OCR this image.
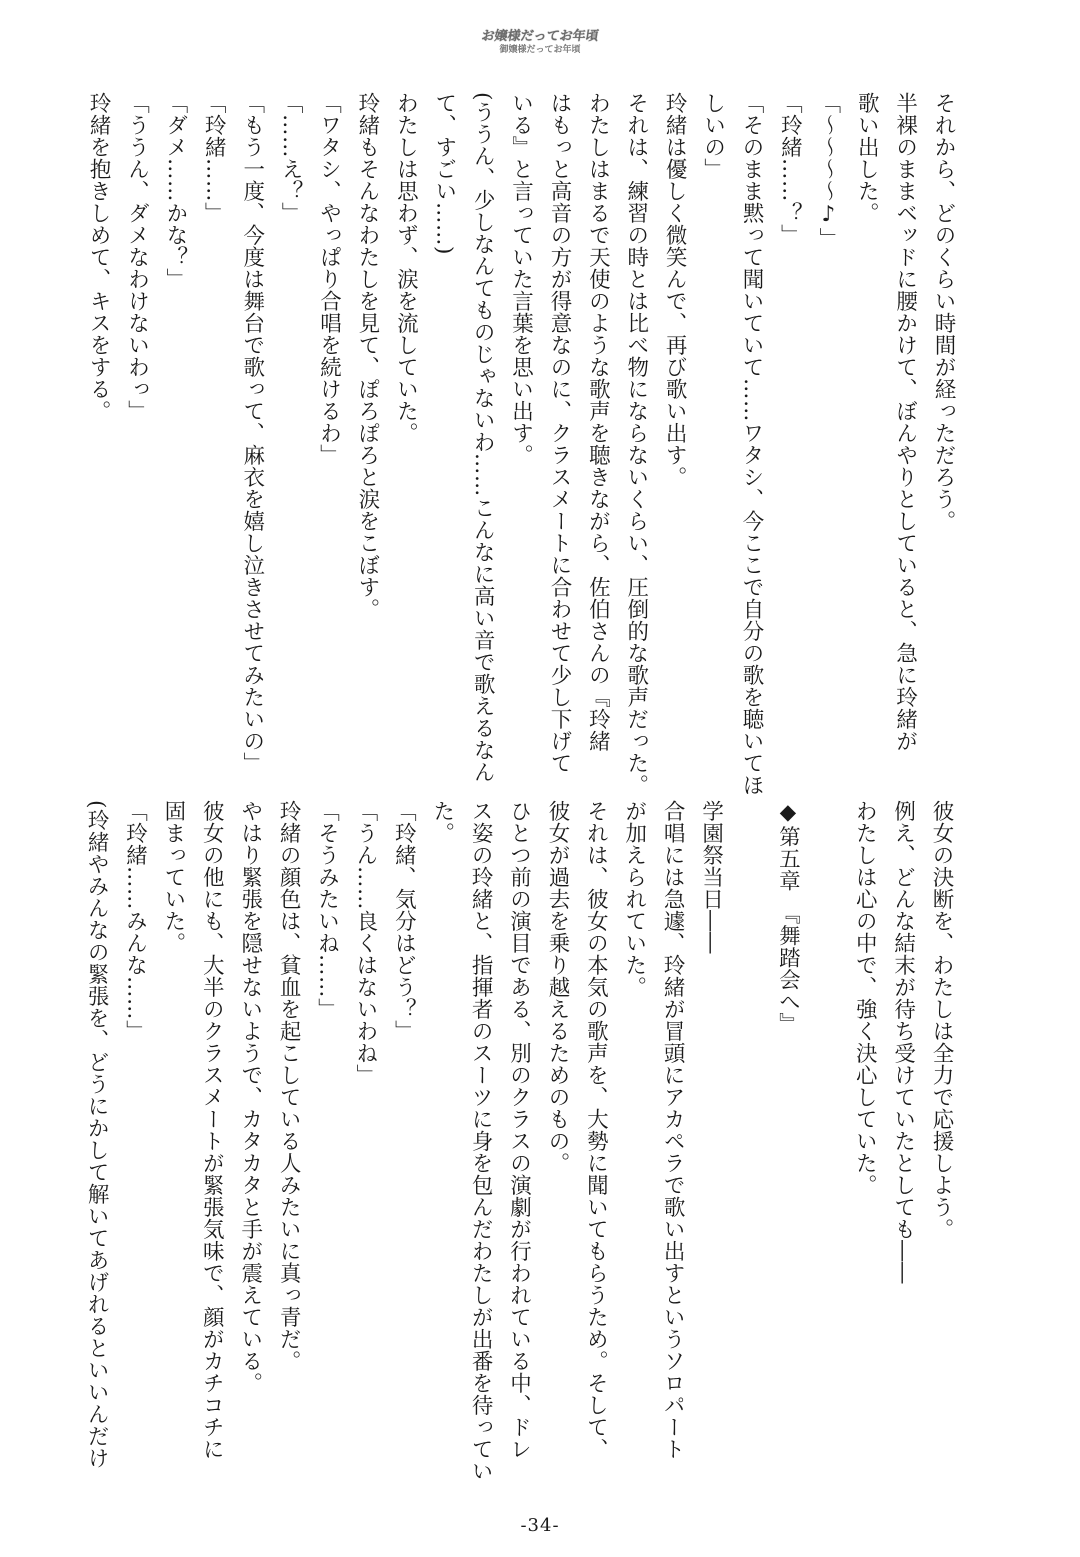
お嬢様だってお年頃
御嬢様だってお年頃
それから、どのくらい時間が経っただろう。
半裸のままベッドに腰かけて、ぼんやりとしていると、急に玲緒が
歌い出した。
「～～～～♪」
「玲緒……？」
「そのまま黙って聞いていて……ワタシ、今ここで自分の歌を聴いてほ
しいの」
玲緒は優しく微笑んで、再び歌い出す。
それは、練習の時とは比べ物にならないくらい、圧倒的な歌声だった。
わたしはまるで天使のような歌声を聴きながら、佐伯さんの『玲緒
はもっと高音の方が得意なのに、クラスメートに合わせて少し下げて
いる』と言っていた言葉を思い出す。
(ううん、少しなんてものじゃないわ……こんなに高い音で歌えるなん
て、すごい……)
わたしは思わず、涙を流していた。
玲緒もそんなわたしを見て、ぽろぽろと涙をこぼす。
「ワタシ、やっぱり合唱を続けるわ」
「……え？」
「もう一度、今度は舞台で歌って、麻衣を嬉し泣きさせてみたいの」
「玲緒……」
「ダメ……かな？」
「ううん、ダメなわけないわっ」
玲緒を抱きしめて、キスをする。
彼女の決断を、わたしは全力で応援しよう。
例え、どんな結末が待ち受けていたとしても――
わたしは心の中で、強く決心していた。

◆第五章　『舞踏会へ』

学園祭当日――
合唱には急遽、玲緒が冒頭にアカペラで歌い出すというソロパート
が加えられていた。
それは、彼女の本気の歌声を、大勢に聞いてもらうため。そして、
彼女が過去を乗り越えるためのもの。
ひとつ前の演目である、別のクラスの演劇が行われている中、ドレ
ス姿の玲緒と、指揮者のスーツに身を包んだわたしが出番を待ってい
た。
「玲緒、気分はどう？」
「うん……良くはないわね」
「そうみたいね……」
玲緒の顔色は、貧血を起こしている人みたいに真っ青だ。
やはり緊張を隠せないようで、カタカタと手が震えている。
彼女の他にも、大半のクラスメートが緊張気味で、顔がカチコチに
固まっていた。
「玲緒……みんな……」
(玲緒やみんなの緊張を、どうにかして解いてあげれるといいんだけ
-34-
